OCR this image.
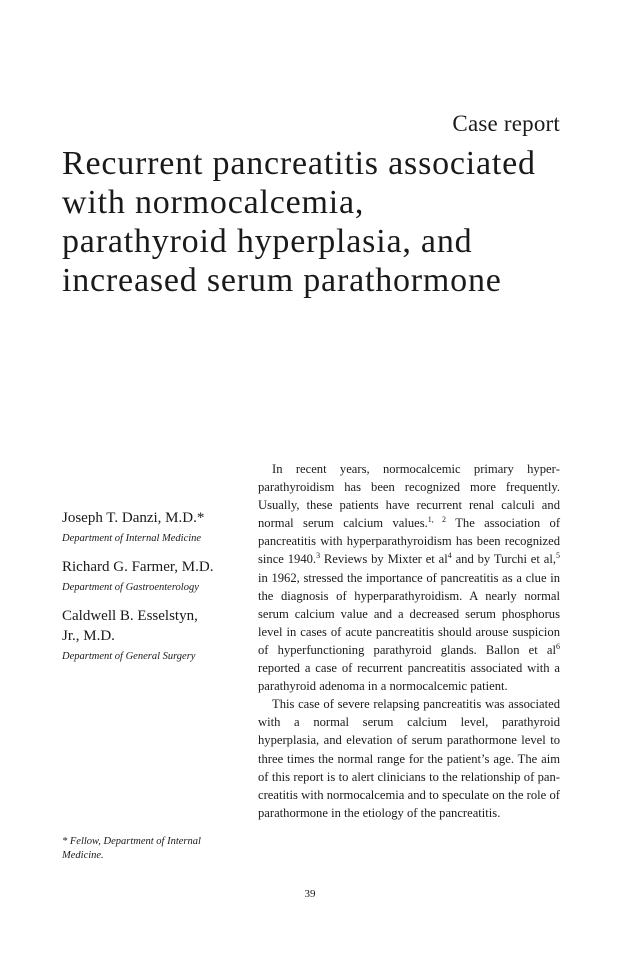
Case report
Recurrent pancreatitis associated
with normocalcemia,
parathyroid hyperplasia, and
increased serum parathormone

Joseph T. Danzi, M.D.*

Department of Internal Medicine

Richard G. Farmer, M.D.

Department of Gastroenterology

Caldwell B. Esselstyn, Jr., M.D.

Department of General Surgery

* Fellow, Department of Internal Medicine.

In recent years, normocalcemic primary hyperparathyroidism has been recognized more frequently. Usually, these patients have recurrent renal calculi and normal serum calcium values.$^{1, 2}$ The association of pancreatitis with hyperparathyroidism has been recognized since 1940.$^3$ Reviews by Mixter et $al^4$ and by Turchi et al,$^5$ in 1962, stressed the importance of pancreatitis as a clue in the diagnosis of hyperparathyroidism. A nearly normal serum calcium value and a decreased serum phosphorus level in cases of acute pancreatitis should arouse suspicion of hyperfunctioning parathyroid glands. Ballon et $al^6$ reported a case of recurrent pancreatitis associated with a parathyroid adenoma in a normocalcemic patient.

This case of severe relapsing pancreatitis was associated with a normal serum calcium level, parathyroid hyperplasia, and elevation of serum parathormone level to three times the normal range for the patient’s age. The aim of this report is to alert clinicians to the relationship of pancreatitis with normocalcemia and to speculate on the role of parathormone in the etiology of the pancreatitis.

39
